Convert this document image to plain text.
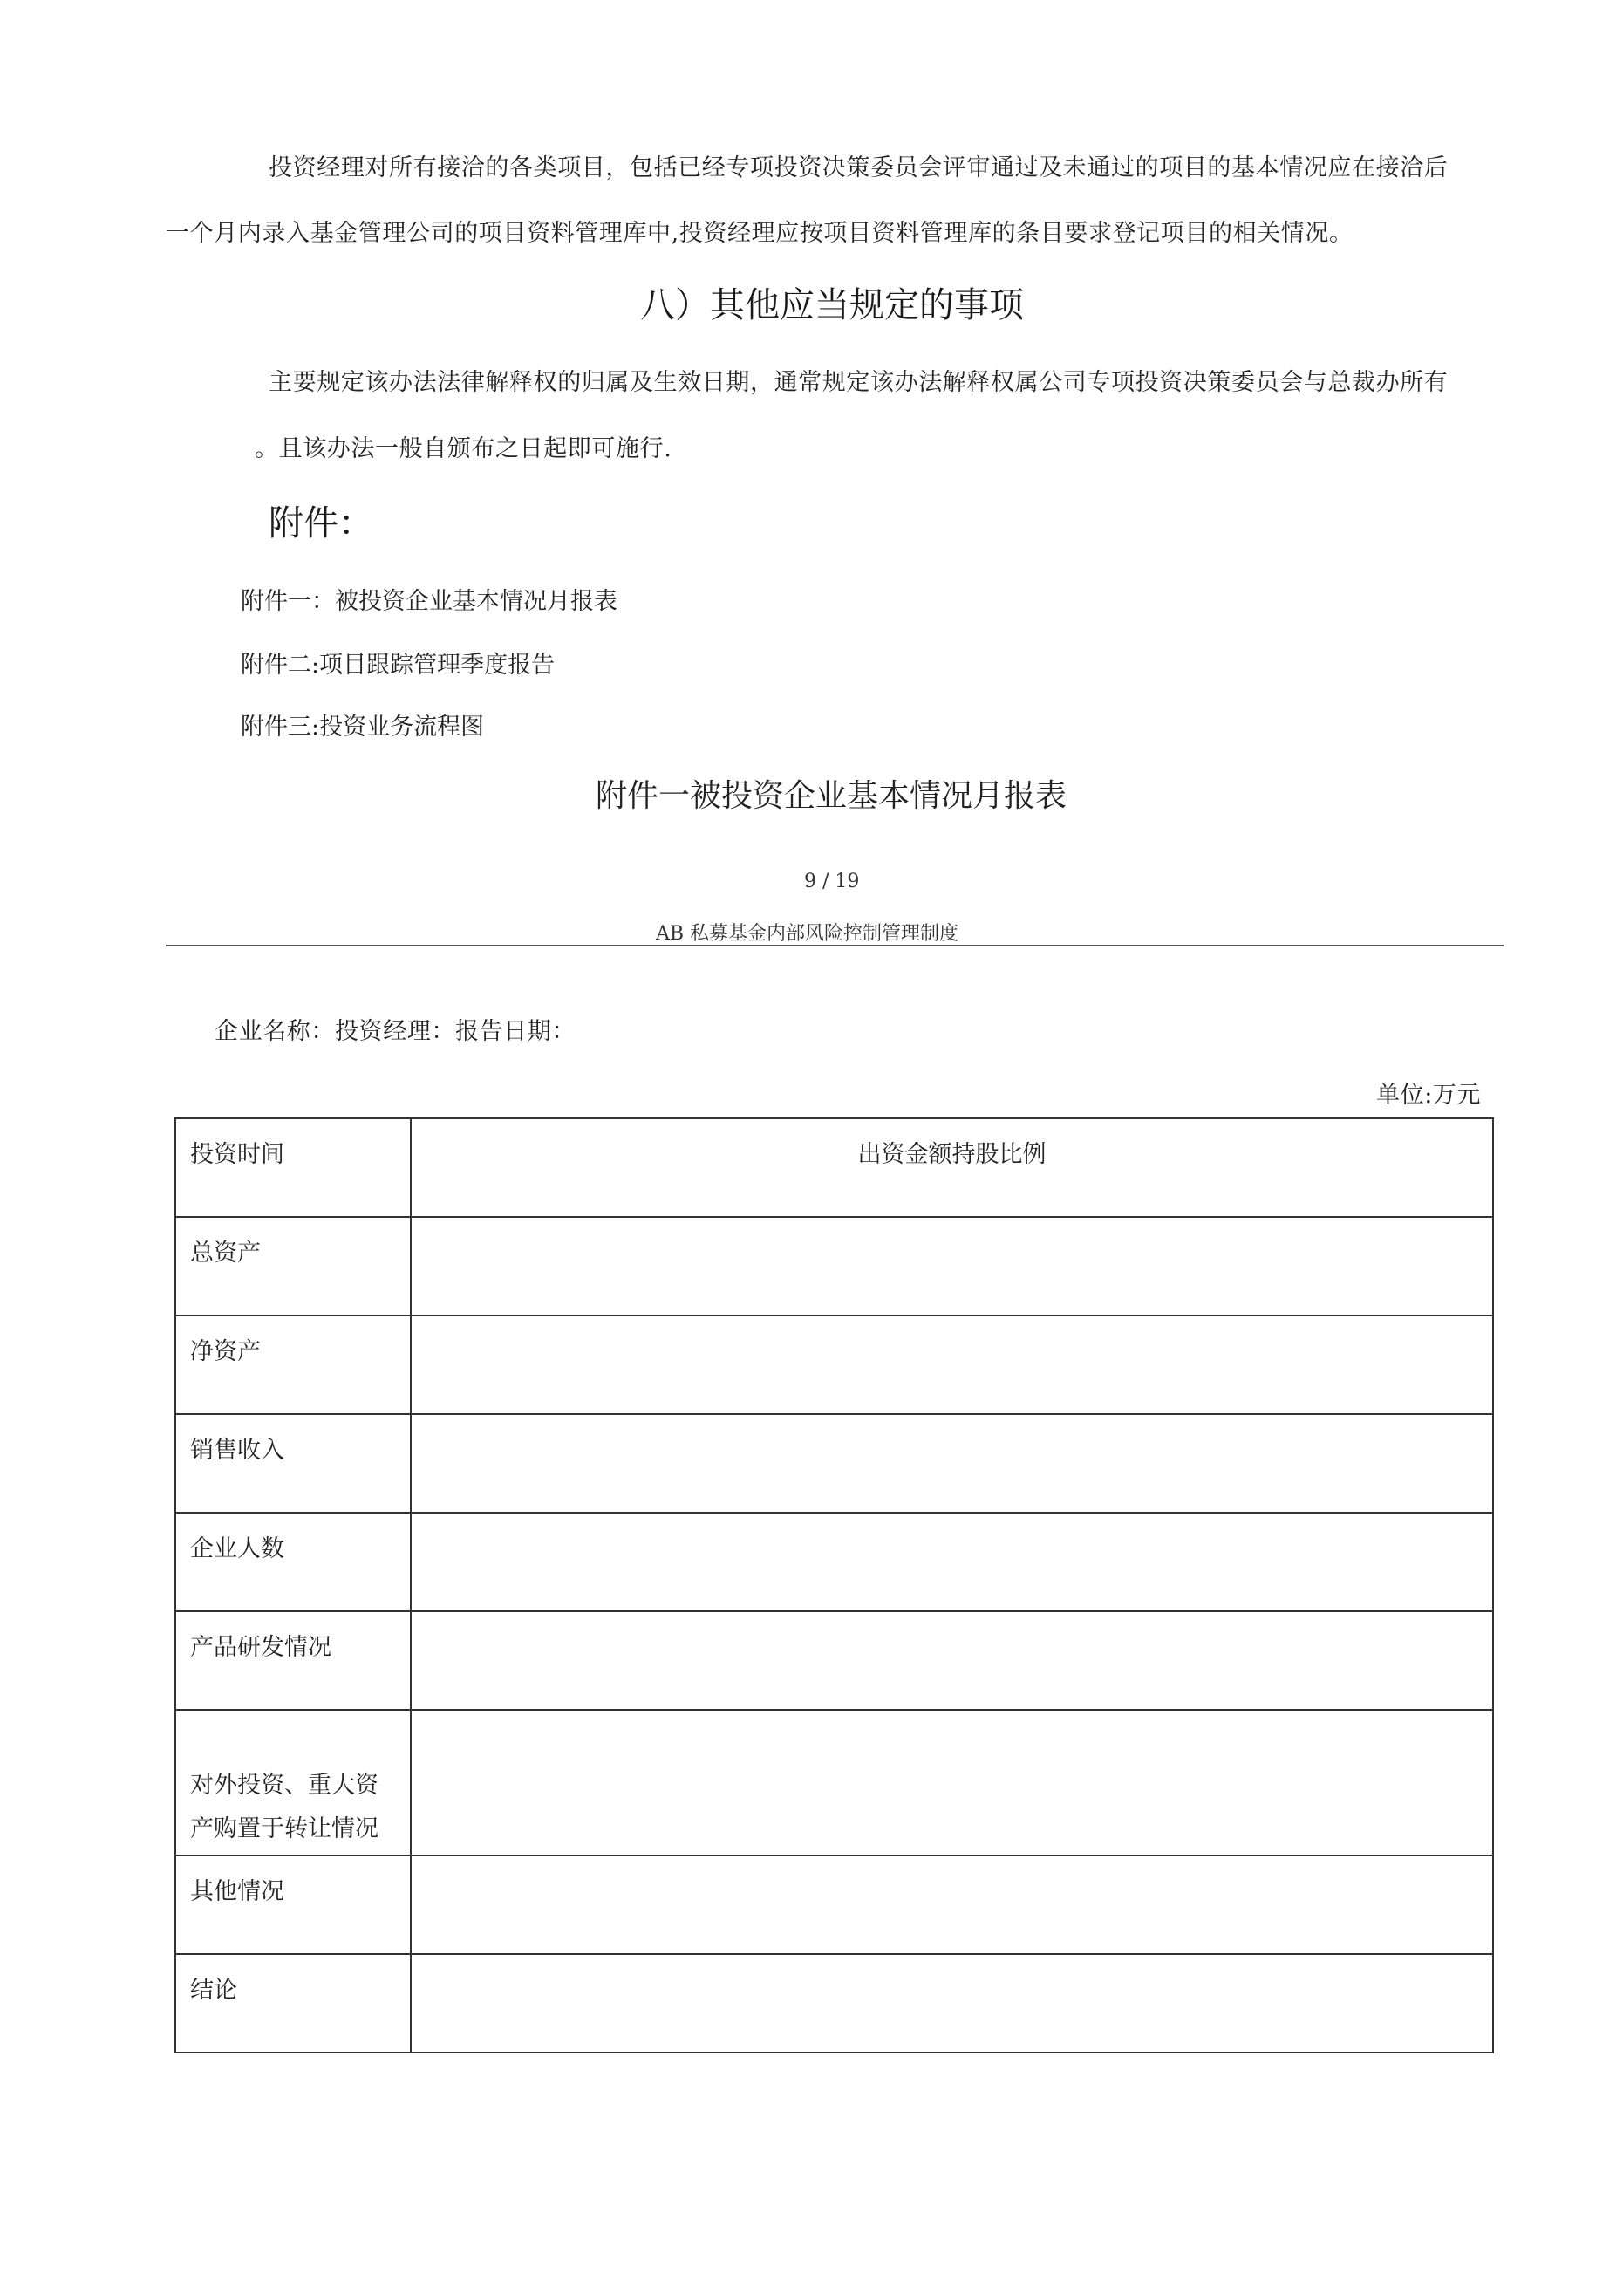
投资经理对所有接洽的各类项目，包括已经专项投资决策委员会评审通过及未通过的项目的基本情况应在接洽后
一个月内录入基金管理公司的项目资料管理库中,投资经理应按项目资料管理库的条目要求登记项目的相关情况。
八）其他应当规定的事项
主要规定该办法法律解释权的归属及生效日期，通常规定该办法解释权属公司专项投资决策委员会与总裁办所有
。且该办法一般自颁布之日起即可施行.
附件：
附件一：被投资企业基本情况月报表
附件二:项目跟踪管理季度报告
附件三:投资业务流程图
附件一被投资企业基本情况月报表
9 / 19
AB 私募基金内部风险控制管理制度
企业名称：投资经理：报告日期：
单位:万元
投资时间	出资金额持股比例
总资产	
净资产	
销售收入	
企业人数	
产品研发情况	

对外投资、重大资
产购置于转让情况	

其他情况	
结论	
